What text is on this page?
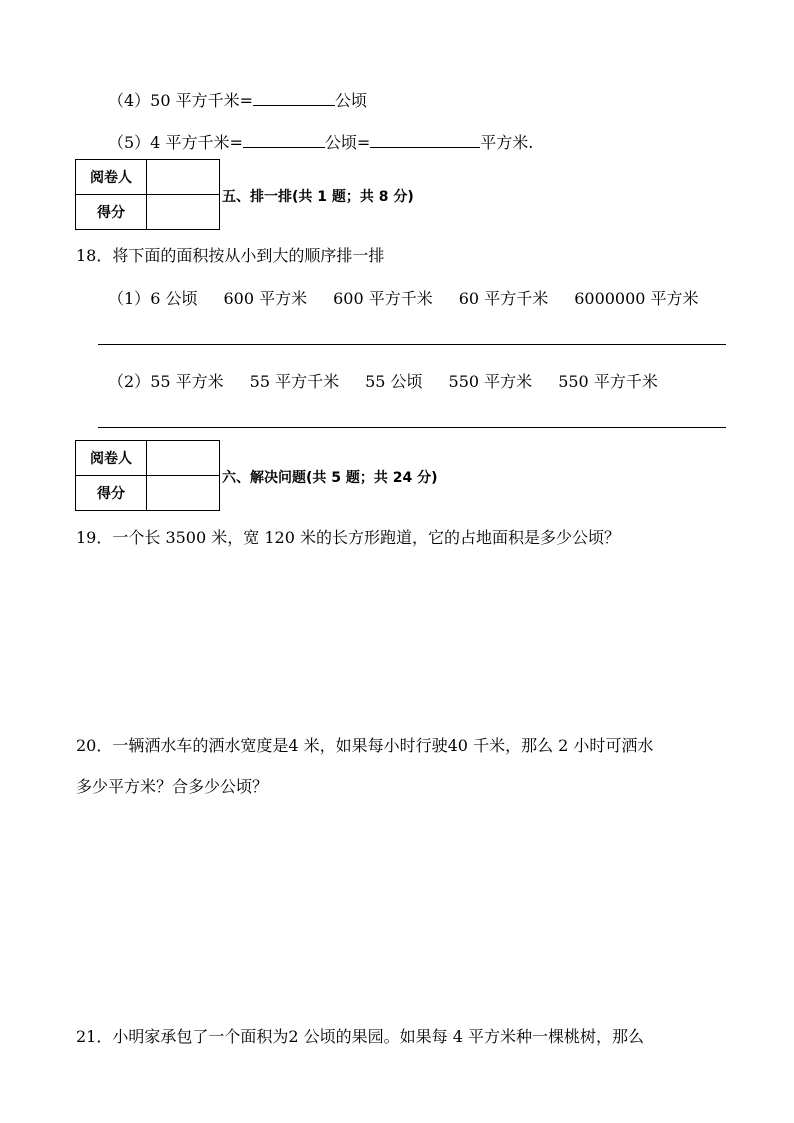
（4）50 平方千米=	公顷
（5）4 平方千米=	公顷=	平方米.
阅卷人	
得分	
五、排一排(共 1 题；共 8 分)
18．将下面的面积按从小到大的顺序排一排
（1）6 公顷 600 平方米 600 平方千米 60 平方千米 6000000 平方米
（2）55 平方米 55 平方千米 55 公顷 550 平方米 550 平方千米
阅卷人	
得分	
六、解决问题(共 5 题；共 24 分)
19．一个长 3500 米，宽 120 米的长方形跑道，它的占地面积是多少公顷？
20．一辆洒水车的洒水宽度是4 米，如果每小时行驶40 千米，那么 2 小时可洒水
多少平方米？合多少公顷？
21．小明家承包了一个面积为2 公顷的果园。如果每 4 平方米种一棵桃树，那么
